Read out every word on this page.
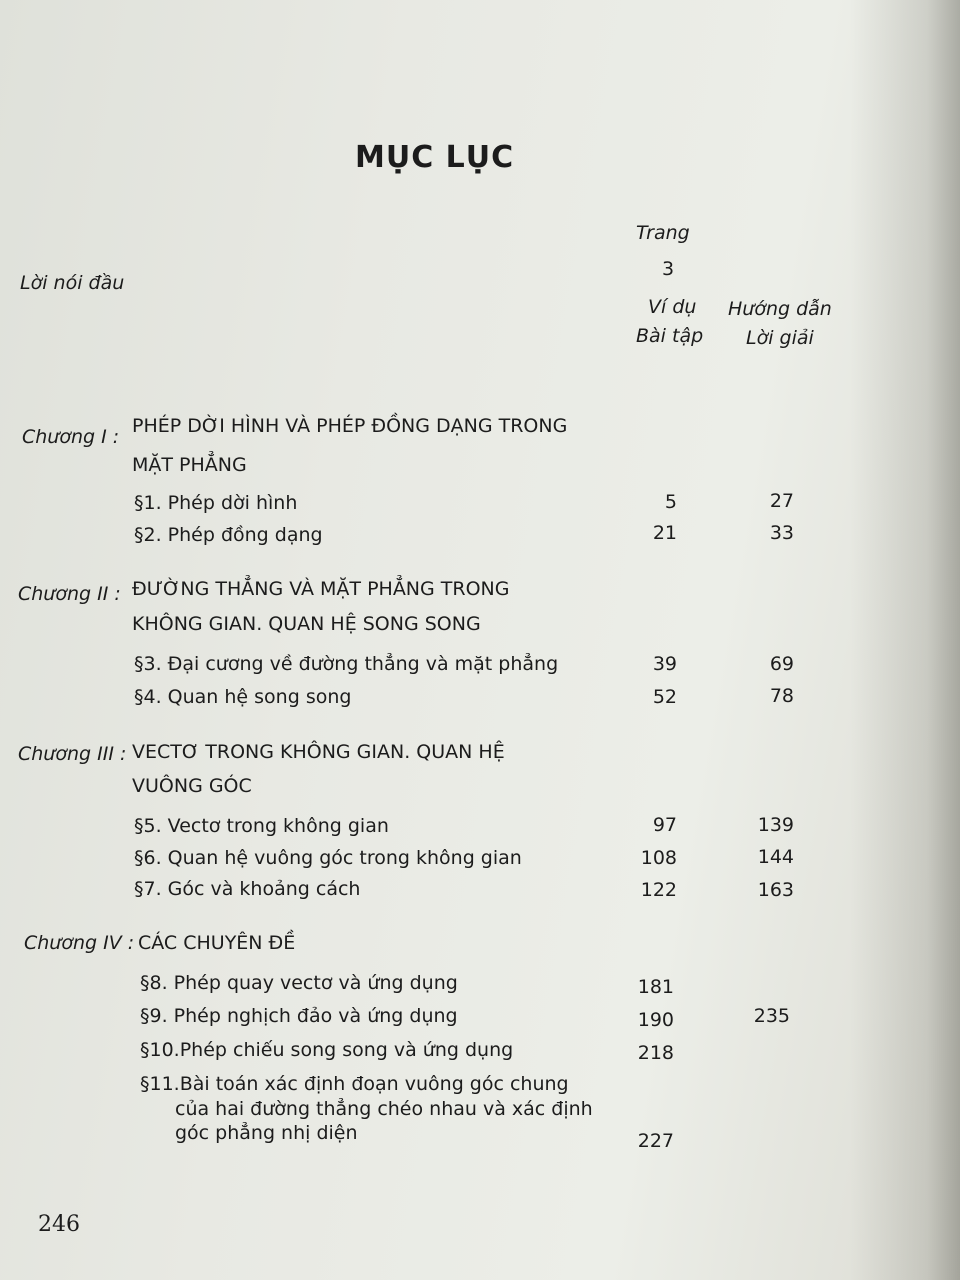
MỤC LỤC
Trang
3
Lời nói đầu
Ví dụ
Bài tập
Hướng dẫn
Lời giải
Chương I : PHÉP DỜI HÌNH VÀ PHÉP ĐỒNG DẠNG TRONG
MẶT PHẲNG
§1. Phép dời hình	5	27
§2. Phép đồng dạng	21	33
Chương II : ĐƯỜNG THẲNG VÀ MẶT PHẲNG TRONG
KHÔNG GIAN. QUAN HỆ SONG SONG
§3. Đại cương về đường thẳng và mặt phẳng	39	69
§4. Quan hệ song song	52	78
Chương III : VECTƠ TRONG KHÔNG GIAN. QUAN HỆ
VUÔNG GÓC
§5. Vectơ trong không gian	97	139
§6. Quan hệ vuông góc trong không gian	108	144
§7. Góc và khoảng cách	122	163
Chương IV : CÁC CHUYÊN ĐỀ
§8. Phép quay vectơ và ứng dụng	181
§9. Phép nghịch đảo và ứng dụng	190	235
§10.Phép chiếu song song và ứng dụng	218
§11.Bài toán xác định đoạn vuông góc chung
của hai đường thẳng chéo nhau và xác định
góc phẳng nhị diện	227
246
